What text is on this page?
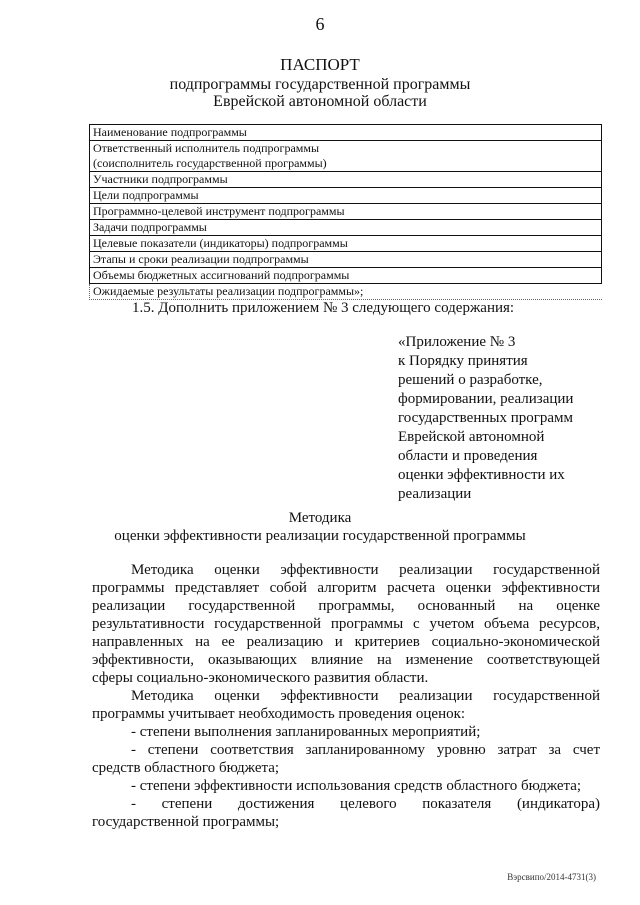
6
ПАСПОРТ
подпрограммы государственной программы
Еврейской автономной области
Наименование подпрограммы

Ответственный исполнитель подпрограммы
(соисполнитель государственной программы)

Участники подпрограммы
Цели подпрограммы
Программно-целевой инструмент подпрограммы
Задачи подпрограммы
Целевые показатели (индикаторы) подпрограммы
Этапы и сроки реализации подпрограммы
Объемы бюджетных ассигнований подпрограммы
Ожидаемые результаты реализации подпрограммы»;
1.5. Дополнить приложением № 3 следующего содержания:
«Приложение № 3
к Порядку принятия
решений о разработке,
формировании, реализации
государственных программ
Еврейской автономной
области и проведения
оценки эффективности их
реализации
Методика
оценки эффективности реализации государственной программы
Методика оценки эффективности реализации государственной
программы представляет собой алгоритм расчета оценки эффективности
реализации государственной программы, основанный на оценке
результативности государственной программы с учетом объема ресурсов,
направленных на ее реализацию и критериев социально-экономической
эффективности, оказывающих влияние на изменение соответствующей
сферы социально-экономического развития области.
Методика оценки эффективности реализации государственной
программы учитывает необходимость проведения оценок:
- степени выполнения запланированных мероприятий;
- степени соответствия запланированному уровню затрат за счет
средств областного бюджета;
- степени эффективности использования средств областного бюджета;
- степени достижения целевого показателя (индикатора)
государственной программы;
Вэрсвипо/2014-4731(3)
